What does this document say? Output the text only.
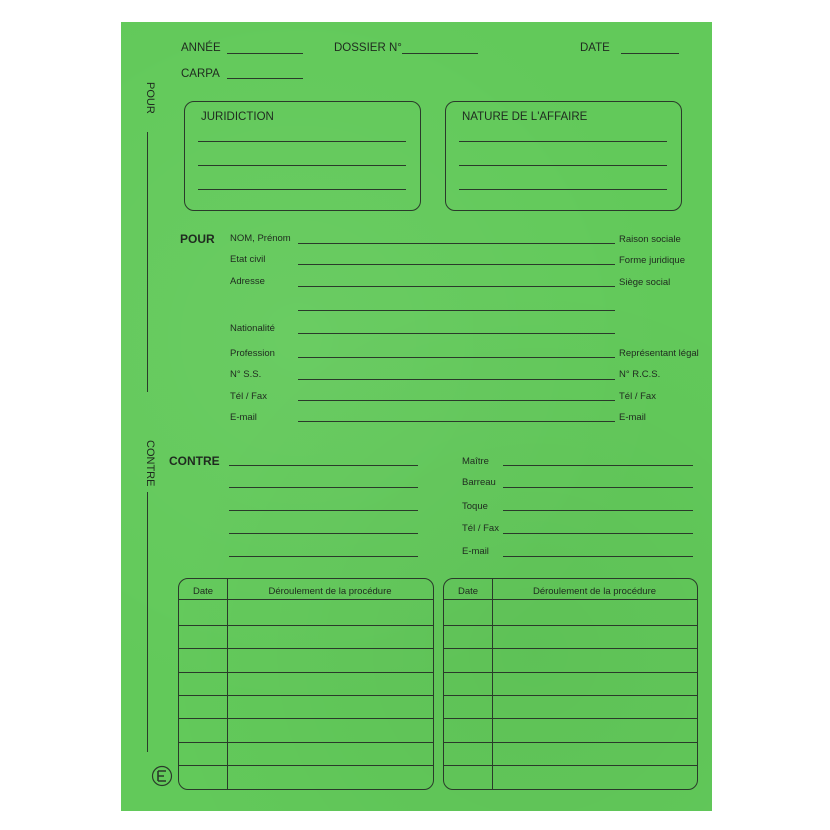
POUR
CONTRE
ANNÉE	DOSSIER N°	DATE
CARPA
JURIDICTION	NATURE DE L'AFFAIRE
POUR NOM, Prénom	Raison sociale
Etat civil	Forme juridique
Adresse	Siège social
Nationalité
Profession	Représentant légal
N° S.S.	N° R.C.S.
Tél / Fax	Tél / Fax
E-mail	E-mail
CONTRE	Maître
Barreau
Toque
Tél / Fax
E-mail
Date	Déroulement de la procédure	Date	Déroulement de la procédure
